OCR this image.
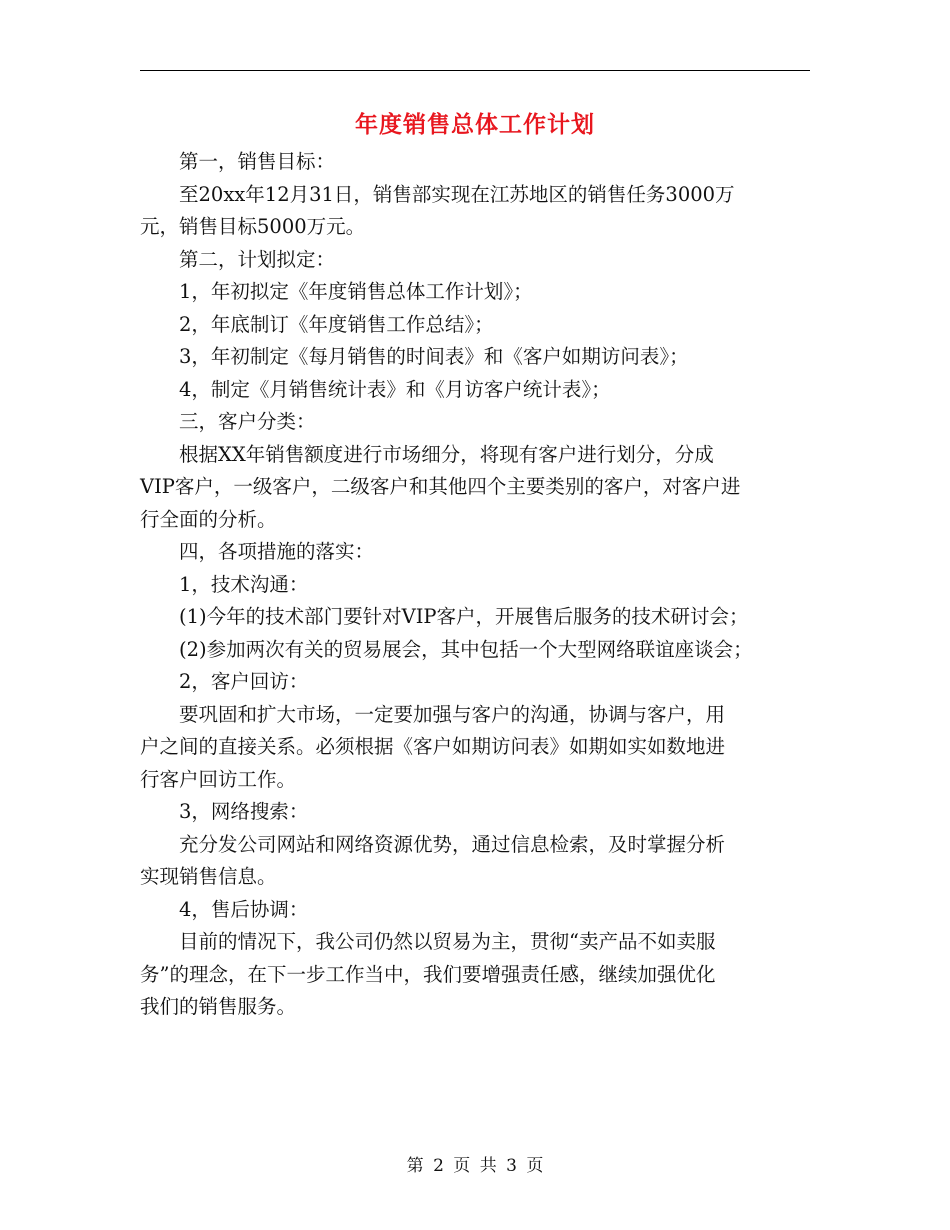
年度销售总体工作计划
第一，销售目标：
至20xx年12月31日，销售部实现在江苏地区的销售任务3000万
元，销售目标5000万元。
第二，计划拟定：
1，年初拟定《年度销售总体工作计划》；
2，年底制订《年度销售工作总结》；
3，年初制定《每月销售的时间表》和《客户如期访问表》；
4，制定《月销售统计表》和《月访客户统计表》；
三，客户分类：
根据XX年销售额度进行市场细分，将现有客户进行划分，分成
VIP客户，一级客户，二级客户和其他四个主要类别的客户，对客户进
行全面的分析。
四，各项措施的落实：
1，技术沟通：
(1)今年的技术部门要针对VIP客户，开展售后服务的技术研讨会；
(2)参加两次有关的贸易展会，其中包括一个大型网络联谊座谈会；
2，客户回访：
要巩固和扩大市场，一定要加强与客户的沟通，协调与客户，用
户之间的直接关系。必须根据《客户如期访问表》如期如实如数地进
行客户回访工作。
3，网络搜索：
充分发公司网站和网络资源优势，通过信息检索，及时掌握分析
实现销售信息。
4，售后协调：
目前的情况下，我公司仍然以贸易为主，贯彻“卖产品不如卖服
务”的理念，在下一步工作当中，我们要增强责任感，继续加强优化
我们的销售服务。
第 2 页 共 3 页
